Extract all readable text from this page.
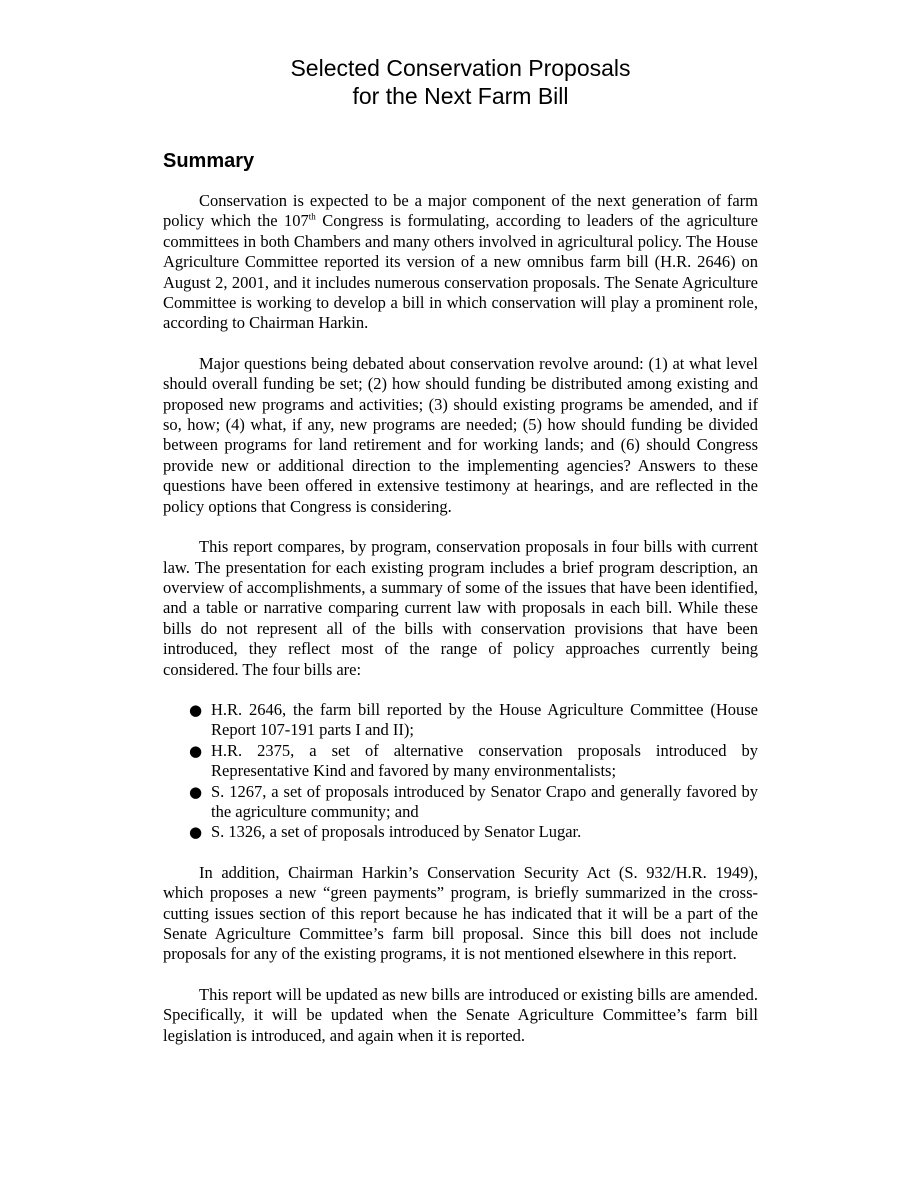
Selected Conservation Proposals
for the Next Farm Bill
Summary

Conservation is expected to be a major component of the next generation of farm policy which the 107th Congress is formulating, according to leaders of the agriculture committees in both Chambers and many others involved in agricultural policy. The House Agriculture Committee reported its version of a new omnibus farm bill (H.R. 2646) on August 2, 2001, and it includes numerous conservation proposals. The Senate Agriculture Committee is working to develop a bill in which conservation will play a prominent role, according to Chairman Harkin.

Major questions being debated about conservation revolve around: (1) at what level should overall funding be set; (2) how should funding be distributed among existing and proposed new programs and activities; (3) should existing programs be amended, and if so, how; (4) what, if any, new programs are needed; (5) how should funding be divided between programs for land retirement and for working lands; and (6) should Congress provide new or additional direction to the implementing agencies? Answers to these questions have been offered in extensive testimony at hearings, and are reflected in the policy options that Congress is considering.

This report compares, by program, conservation proposals in four bills with current law. The presentation for each existing program includes a brief program description, an overview of accomplishments, a summary of some of the issues that have been identified, and a table or narrative comparing current law with proposals in each bill. While these bills do not represent all of the bills with conservation provisions that have been introduced, they reflect most of the range of policy approaches currently being considered. The four bills are:

● H.R. 2646, the farm bill reported by the House Agriculture Committee (House Report 107-191 parts I and II);
● H.R. 2375, a set of alternative conservation proposals introduced by Representative Kind and favored by many environmentalists;
● S. 1267, a set of proposals introduced by Senator Crapo and generally favored by the agriculture community; and
● S. 1326, a set of proposals introduced by Senator Lugar.

In addition, Chairman Harkin’s Conservation Security Act (S. 932/H.R. 1949), which proposes a new “green payments” program, is briefly summarized in the cross-cutting issues section of this report because he has indicated that it will be a part of the Senate Agriculture Committee’s farm bill proposal. Since this bill does not include proposals for any of the existing programs, it is not mentioned elsewhere in this report.

This report will be updated as new bills are introduced or existing bills are amended. Specifically, it will be updated when the Senate Agriculture Committee’s farm bill legislation is introduced, and again when it is reported.
